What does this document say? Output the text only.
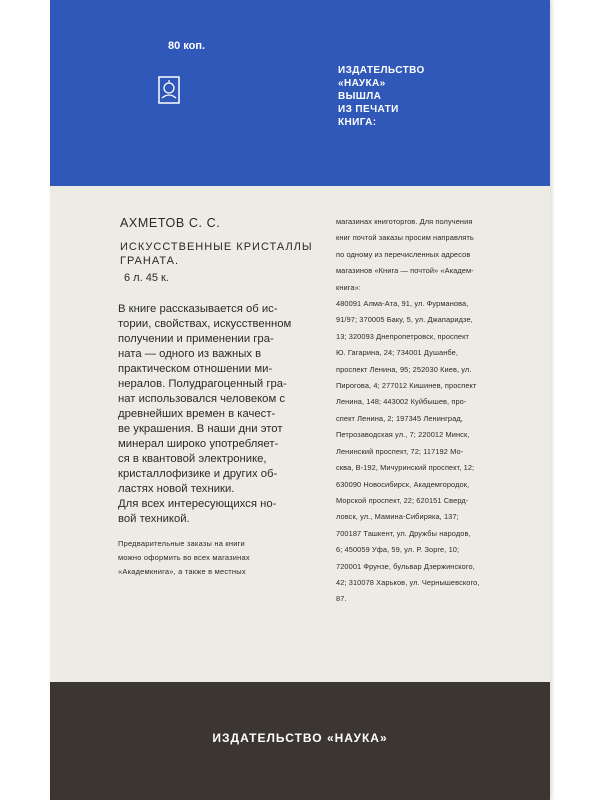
80 коп.
ИЗДАТЕЛЬСТВО
«НАУКА»
ВЫШЛА
ИЗ ПЕЧАТИ
КНИГА:
АХМЕТОВ С. С.
ИСКУССТВЕННЫЕ КРИСТАЛЛЫ
ГРАНАТА.
6 л. 45 к.
В книге рассказывается об ис-
тории, свойствах, искусственном
получении и применении гра-
ната — одного из важных в
практическом отношении ми-
нералов. Полудрагоценный гра-
нат использовался человеком с
древнейших времен в качест-
ве украшения. В наши дни этот
минерал широко употребляет-
ся в квантовой электронике,
кристаллофизике и других об-
ластях новой техники.
Для всех интересующихся но-
вой техникой.
Предварительные заказы на книги
можно оформить во всех магазинах
«Академкнига», а также в местных
магазинах книготоргов. Для получения
книг почтой заказы просим направлять
по одному из перечисленных адресов
магазинов «Книга — почтой» «Академ-
книга»:
480091 Алма-Ата, 91, ул. Фурманова,
91/97; 370005 Баку, 5, ул. Джапаридзе,
13; 320093 Днепропетровск, проспект
Ю. Гагарина, 24; 734001 Душанбе,
проспект Ленина, 95; 252030 Киев, ул.
Пирогова, 4; 277012 Кишинев, проспект
Ленина, 148; 443002 Куйбышев, про-
спект Ленина, 2; 197345 Ленинград,
Петрозаводская ул., 7; 220012 Минск,
Ленинский проспект, 72; 117192 Мо-
сква, В-192, Мичуринский проспект, 12;
630090 Новосибирск, Академгородок,
Морской проспект, 22; 620151 Сверд-
ловск, ул., Мамина-Сибиряка, 137;
700187 Ташкент, ул. Дружбы народов,
6; 450059 Уфа, 59, ул. Р. Зорге, 10;
720001 Фрунзе, бульвар Дзержинского,
42; 310078 Харьков, ул. Чернышевского,
87.
ИЗДАТЕЛЬСТВО «НАУКА»
